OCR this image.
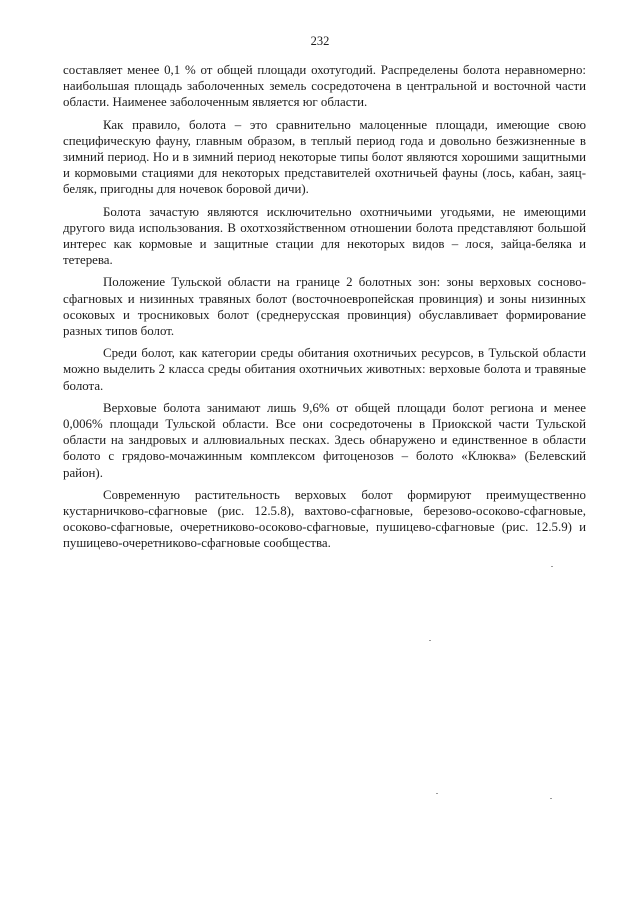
232

составляет менее 0,1 % от общей площади охотугодий. Распределены болота неравномерно: наибольшая площадь заболоченных земель сосредоточена в центральной и восточной части области. Наименее заболоченным является юг области.

Как правило, болота – это сравнительно малоценные площади, имеющие свою специфическую фауну, главным образом, в теплый период года и довольно безжизненные в зимний период. Но и в зимний период некоторые типы болот являются хорошими защитными и кормовыми стациями для некоторых представителей охотничьей фауны (лось, кабан, заяц-беляк, пригодны для ночевок боровой дичи).

Болота зачастую являются исключительно охотничьими угодьями, не имеющими другого вида использования. В охотхозяйственном отношении болота представляют большой интерес как кормовые и защитные стации для некоторых видов – лося, зайца-беляка и тетерева.

Положение Тульской области на границе 2 болотных зон: зоны верховых сосново-сфагновых и низинных травяных болот (восточноевропейская провинция) и зоны низинных осоковых и тросниковых болот (среднерусская провинция) обуславливает формирование разных типов болот.

Среди болот, как категории среды обитания охотничьих ресурсов, в Тульской области можно выделить 2 класса среды обитания охотничьих животных: верховые болота и травяные болота.

Верховые болота занимают лишь 9,6% от общей площади болот региона и менее 0,006% площади Тульской области. Все они сосредоточены в Приокской части Тульской области на зандровых и аллювиальных песках. Здесь обнаружено и единственное в области болото с грядово-мочажинным комплексом фитоценозов – болото «Клюква» (Белевский район).

Современную растительность верховых болот формируют преимущественно кустарничково-сфагновые (рис. 12.5.8), вахтово-сфагновые, березово-осоково-сфагновые, осоково-сфагновые, очеретниково-осоково-сфагновые, пушицево-сфагновые (рис. 12.5.9) и пушицево-очеретниково-сфагновые сообщества.
